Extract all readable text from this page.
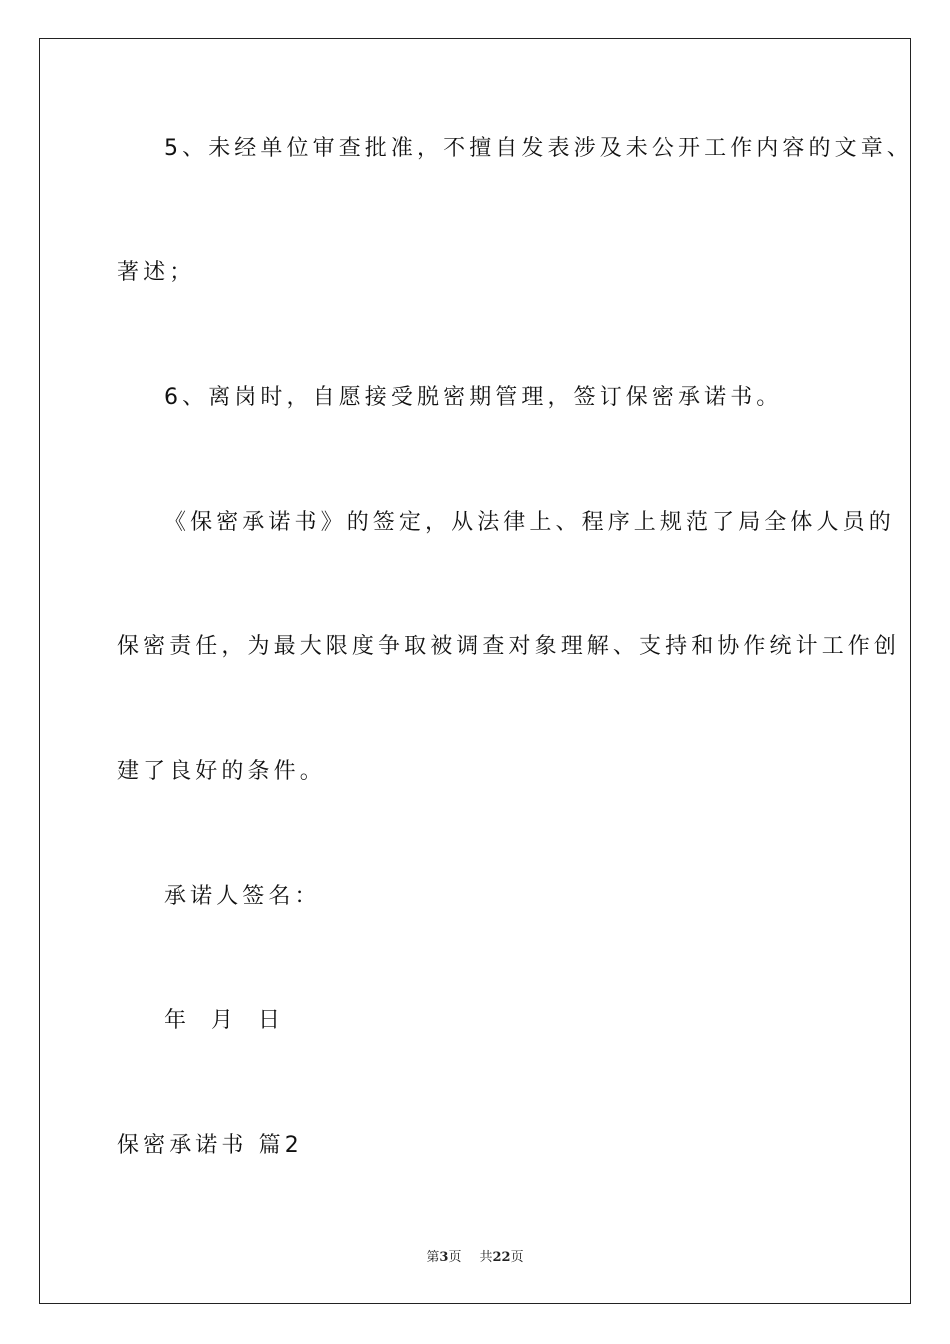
5、未经单位审查批准，不擅自发表涉及未公开工作内容的文章、
著述；
6、离岗时，自愿接受脱密期管理，签订保密承诺书。
《保密承诺书》的签定，从法律上、程序上规范了局全体人员的
保密责任，为最大限度争取被调查对象理解、支持和协作统计工作创
建了良好的条件。
承诺人签名：
年 月 日
保密承诺书 篇2
第3页 共22页
